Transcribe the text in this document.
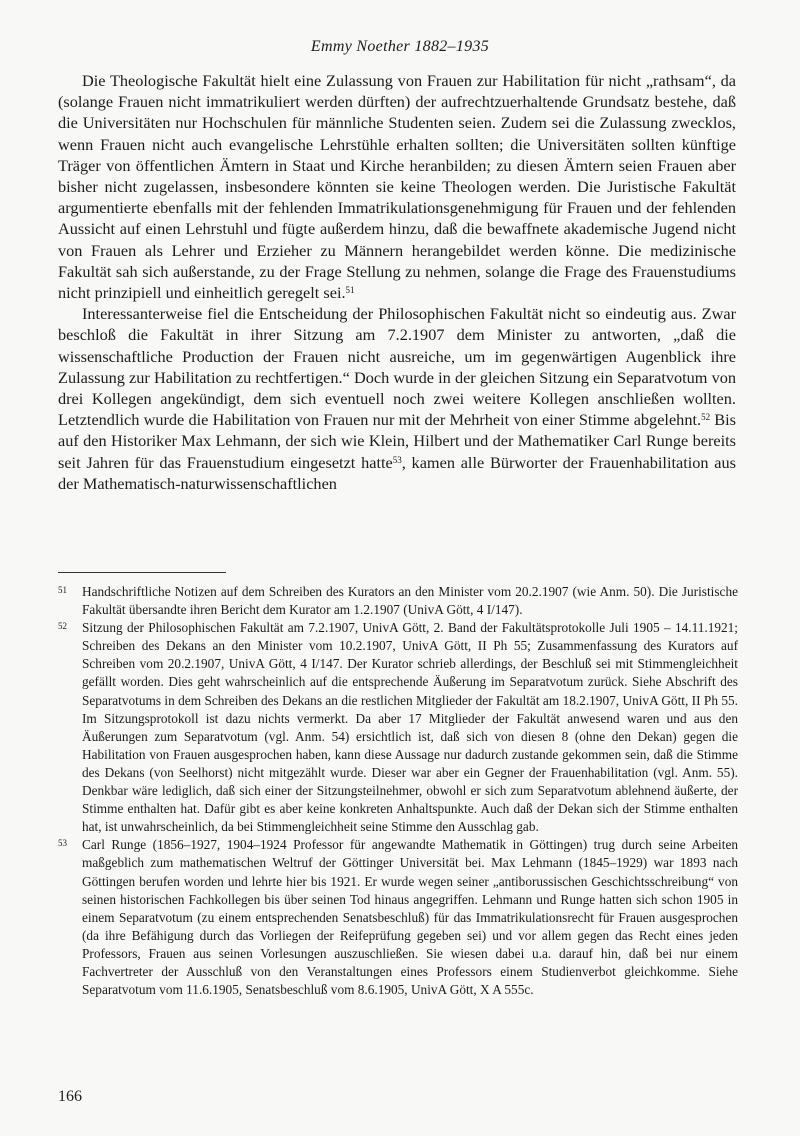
Emmy Noether 1882–1935

Die Theologische Fakultät hielt eine Zulassung von Frauen zur Habilitation für nicht „rathsam“, da (solange Frauen nicht immatrikuliert werden dürften) der aufrechtzuerhaltende Grundsatz bestehe, daß die Universitäten nur Hochschulen für männliche Studenten seien. Zudem sei die Zulassung zwecklos, wenn Frauen nicht auch evangelische Lehrstühle erhalten sollten; die Universitäten sollten künftige Träger von öffentlichen Ämtern in Staat und Kirche heranbilden; zu diesen Ämtern seien Frauen aber bisher nicht zugelassen, insbesondere könnten sie keine Theologen werden. Die Juristische Fakultät argumentierte ebenfalls mit der fehlenden Immatrikulationsgenehmigung für Frauen und der fehlenden Aussicht auf einen Lehrstuhl und fügte außerdem hinzu, daß die bewaffnete akademische Jugend nicht von Frauen als Lehrer und Erzieher zu Männern herangebildet werden könne. Die medizinische Fakultät sah sich außerstande, zu der Frage Stellung zu nehmen, solange die Frage des Frauenstudiums nicht prinzipiell und einheitlich geregelt sei.$^{51}$

Interessanterweise fiel die Entscheidung der Philosophischen Fakultät nicht so eindeutig aus. Zwar beschloß die Fakultät in ihrer Sitzung am 7.2.1907 dem Minister zu antworten, „daß die wissenschaftliche Production der Frauen nicht ausreiche, um im gegenwärtigen Augenblick ihre Zulassung zur Habilitation zu rechtfertigen.“ Doch wurde in der gleichen Sitzung ein Separatvotum von drei Kollegen angekündigt, dem sich eventuell noch zwei weitere Kollegen anschließen wollten. Letztendlich wurde die Habilitation von Frauen nur mit der Mehrheit von einer Stimme abgelehnt.$^{52}$ Bis auf den Historiker Max Lehmann, der sich wie Klein, Hilbert und der Mathematiker Carl Runge bereits seit Jahren für das Frauenstudium eingesetzt hatte$^{53}$, kamen alle Bürworter der Frauenhabilitation aus der Mathematisch-naturwissenschaftlichen

51 Handschriftliche Notizen auf dem Schreiben des Kurators an den Minister vom 20.2.1907 (wie Anm. 50). Die Juristische Fakultät übersandte ihren Bericht dem Kurator am 1.2.1907 (UnivA Gött, 4 I/147).

52 Sitzung der Philosophischen Fakultät am 7.2.1907, UnivA Gött, 2. Band der Fakultätsprotokolle Juli 1905 – 14.11.1921; Schreiben des Dekans an den Minister vom 10.2.1907, UnivA Gött, II Ph 55; Zusammenfassung des Kurators auf Schreiben vom 20.2.1907, UnivA Gött, 4 I/147. Der Kurator schrieb allerdings, der Beschluß sei mit Stimmengleichheit gefällt worden. Dies geht wahrscheinlich auf die entsprechende Äußerung im Separatvotum zurück. Siehe Abschrift des Separatvotums in dem Schreiben des Dekans an die restlichen Mitglieder der Fakultät am 18.2.1907, UnivA Gött, II Ph 55. Im Sitzungsprotokoll ist dazu nichts vermerkt. Da aber 17 Mitglieder der Fakultät anwesend waren und aus den Äußerungen zum Separatvotum (vgl. Anm. 54) ersichtlich ist, daß sich von diesen 8 (ohne den Dekan) gegen die Habilitation von Frauen ausgesprochen haben, kann diese Aussage nur dadurch zustande gekommen sein, daß die Stimme des Dekans (von Seelhorst) nicht mitgezählt wurde. Dieser war aber ein Gegner der Frauenhabilitation (vgl. Anm. 55). Denkbar wäre lediglich, daß sich einer der Sitzungsteilnehmer, obwohl er sich zum Separatvotum ablehnend äußerte, der Stimme enthalten hat. Dafür gibt es aber keine konkreten Anhaltspunkte. Auch daß der Dekan sich der Stimme enthalten hat, ist unwahrscheinlich, da bei Stimmengleichheit seine Stimme den Ausschlag gab.

53 Carl Runge (1856–1927, 1904–1924 Professor für angewandte Mathematik in Göttingen) trug durch seine Arbeiten maßgeblich zum mathematischen Weltruf der Göttinger Universität bei. Max Lehmann (1845–1929) war 1893 nach Göttingen berufen worden und lehrte hier bis 1921. Er wurde wegen seiner „antiborussischen Geschichtsschreibung“ von seinen historischen Fachkollegen bis über seinen Tod hinaus angegriffen. Lehmann und Runge hatten sich schon 1905 in einem Separatvotum (zu einem entsprechenden Senatsbeschluß) für das Immatrikulationsrecht für Frauen ausgesprochen (da ihre Befähigung durch das Vorliegen der Reifeprüfung gegeben sei) und vor allem gegen das Recht eines jeden Professors, Frauen aus seinen Vorlesungen auszuschließen. Sie wiesen dabei u.a. darauf hin, daß bei nur einem Fachvertreter der Ausschluß von den Veranstaltungen eines Professors einem Studienverbot gleichkomme. Siehe Separatvotum vom 11.6.1905, Senatsbeschluß vom 8.6.1905, UnivA Gött, X A 555c.

166
